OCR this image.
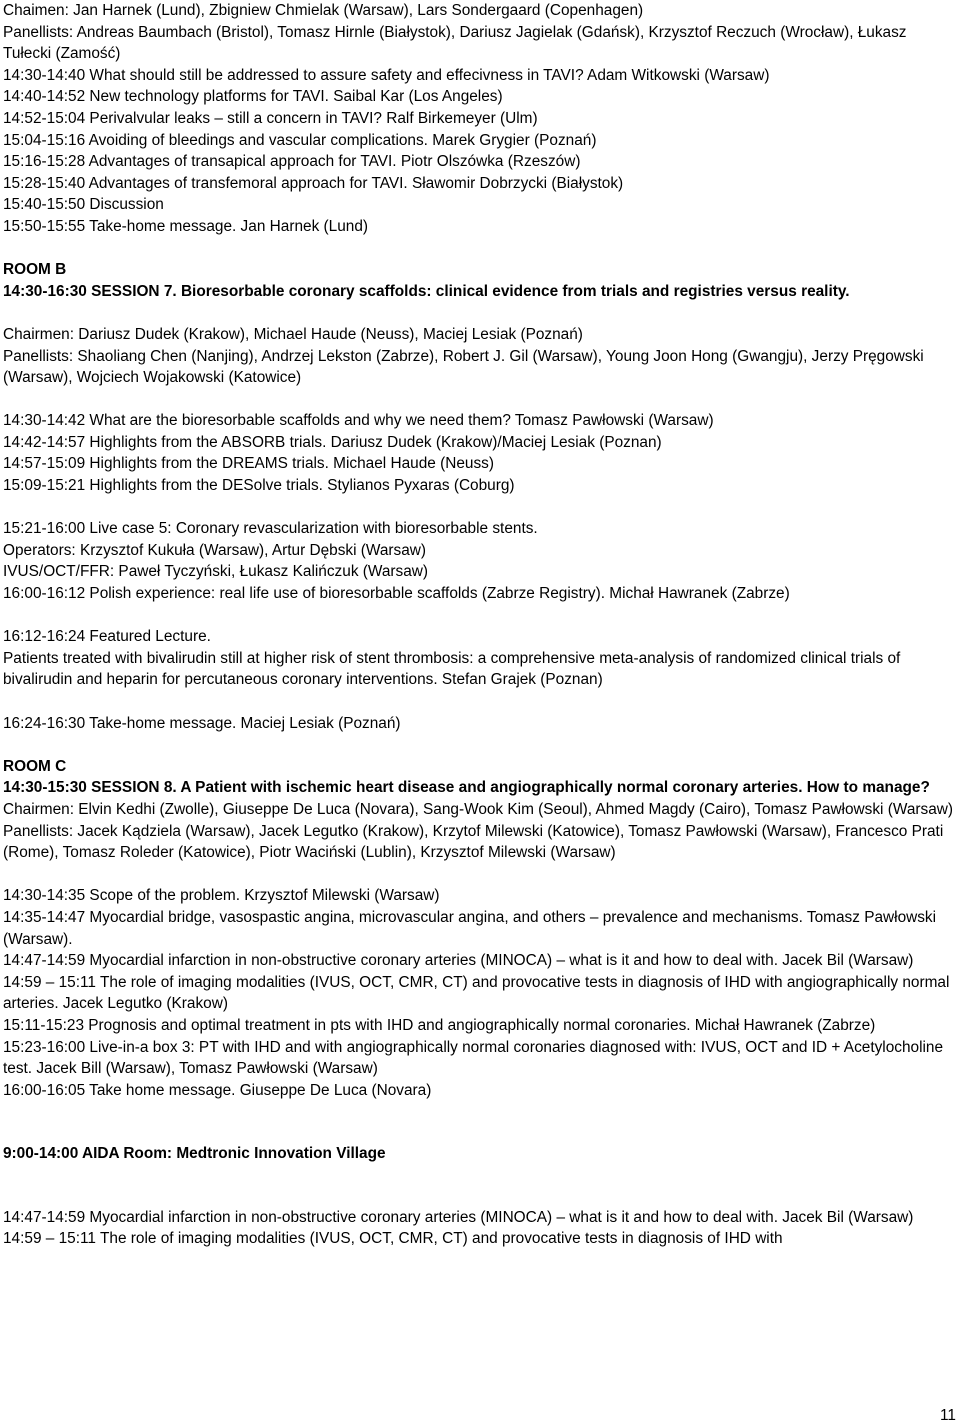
Chaimen: Jan Harnek (Lund), Zbigniew Chmielak (Warsaw), Lars Sondergaard (Copenhagen)

Panellists: Andreas Baumbach (Bristol), Tomasz Hirnle (Białystok), Dariusz Jagielak (Gdańsk), Krzysztof Reczuch (Wrocław), Łukasz Tułecki (Zamość)

14:30-14:40 What should still be addressed to assure safety and effecivness in TAVI? Adam Witkowski (Warsaw)

14:40-14:52 New technology platforms for TAVI. Saibal Kar (Los Angeles)

14:52-15:04 Perivalvular leaks – still a concern in TAVI? Ralf Birkemeyer (Ulm)

15:04-15:16 Avoiding of bleedings and vascular complications. Marek Grygier (Poznań)

15:16-15:28 Advantages of transapical approach for TAVI. Piotr Olszówka (Rzeszów)

15:28-15:40 Advantages of transfemoral approach for TAVI. Sławomir Dobrzycki (Białystok)

15:40-15:50 Discussion

15:50-15:55 Take-home message. Jan Harnek (Lund)

ROOM B

14:30-16:30 SESSION 7. Bioresorbable coronary scaffolds: clinical evidence from trials and registries versus reality.

Chairmen: Dariusz Dudek (Krakow), Michael Haude (Neuss), Maciej Lesiak (Poznań)

Panellists: Shaoliang Chen (Nanjing), Andrzej Lekston (Zabrze), Robert J. Gil (Warsaw), Young Joon Hong (Gwangju), Jerzy Pręgowski (Warsaw), Wojciech Wojakowski (Katowice)

14:30-14:42 What are the bioresorbable scaffolds and why we need them? Tomasz Pawłowski (Warsaw)

14:42-14:57 Highlights from the ABSORB trials. Dariusz Dudek (Krakow)/Maciej Lesiak (Poznan)

14:57-15:09 Highlights from the DREAMS trials. Michael Haude (Neuss)

15:09-15:21 Highlights from the DESolve trials. Stylianos Pyxaras (Coburg)

15:21-16:00 Live case 5: Coronary revascularization with bioresorbable stents.

Operators: Krzysztof Kukuła (Warsaw), Artur Dębski (Warsaw)

IVUS/OCT/FFR: Paweł Tyczyński, Łukasz Kalińczuk (Warsaw)

16:00-16:12 Polish experience: real life use of bioresorbable scaffolds (Zabrze Registry). Michał Hawranek (Zabrze)

16:12-16:24 Featured Lecture.

Patients treated with bivalirudin still at higher risk of stent thrombosis: a comprehensive meta-analysis of randomized clinical trials of bivalirudin and heparin for percutaneous coronary interventions. Stefan Grajek (Poznan)

16:24-16:30 Take-home message. Maciej Lesiak (Poznań)

ROOM C

14:30-15:30 SESSION 8. A Patient with ischemic heart disease and angiographically normal coronary arteries. How to manage?

Chairmen: Elvin Kedhi (Zwolle), Giuseppe De Luca (Novara), Sang-Wook Kim (Seoul), Ahmed Magdy (Cairo), Tomasz Pawłowski (Warsaw)

Panellists: Jacek Kądziela (Warsaw), Jacek Legutko (Krakow), Krzytof Milewski (Katowice), Tomasz Pawłowski (Warsaw), Francesco Prati (Rome), Tomasz Roleder (Katowice), Piotr Waciński (Lublin), Krzysztof Milewski (Warsaw)

14:30-14:35 Scope of the problem. Krzysztof Milewski (Warsaw)

14:35-14:47 Myocardial bridge, vasospastic angina, microvascular angina, and others – prevalence and mechanisms. Tomasz Pawłowski (Warsaw).

14:47-14:59 Myocardial infarction in non-obstructive coronary arteries (MINOCA) – what is it and how to deal with. Jacek Bil (Warsaw)

14:59 – 15:11 The role of imaging modalities (IVUS, OCT, CMR, CT) and provocative tests in diagnosis of IHD with angiographically normal arteries. Jacek Legutko (Krakow)

15:11-15:23 Prognosis and optimal treatment in pts with IHD and angiographically normal coronaries. Michał Hawranek (Zabrze)

15:23-16:00 Live-in-a box 3: PT with IHD and with angiographically normal coronaries diagnosed with: IVUS, OCT and ID + Acetylocholine test. Jacek Bill (Warsaw), Tomasz Pawłowski (Warsaw)

16:00-16:05 Take home message. Giuseppe De Luca (Novara)

9:00-14:00 AIDA Room: Medtronic Innovation Village

14:47-14:59 Myocardial infarction in non-obstructive coronary arteries (MINOCA) – what is it and how to deal with. Jacek Bil (Warsaw)

14:59 – 15:11 The role of imaging modalities (IVUS, OCT, CMR, CT) and provocative tests in diagnosis of IHD with

11
